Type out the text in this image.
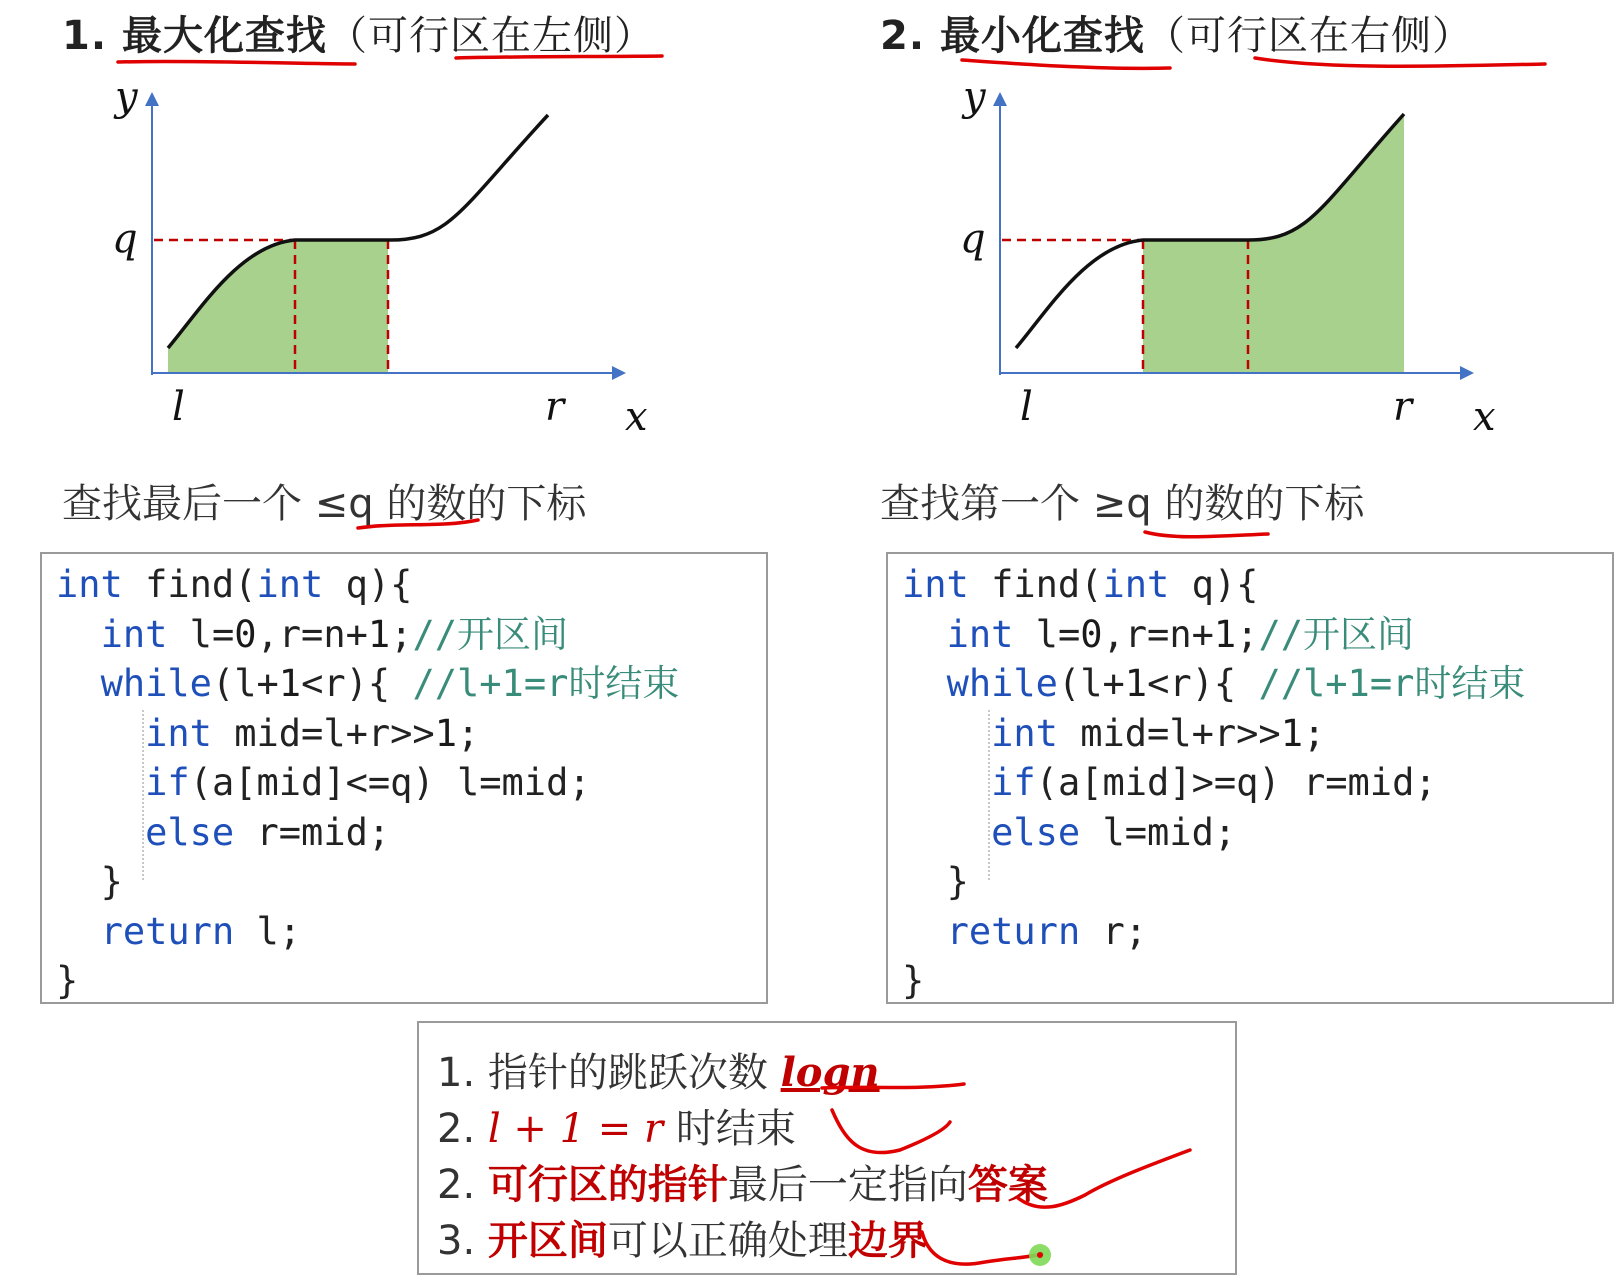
1. 最大化查找（可行区在左侧）	2. 最小化查找（可行区在右侧）
y
q
l	r x
y
q
l	r x
查找最后一个 ≤q 的数的下标	查找第一个 ≥q 的数的下标
int find(int q){
int l=0,r=n+1;//开区间
while(l+1<r){ //l+1=r时结束
int mid=l+r>>1;
if(a[mid]<=q) l=mid;
else r=mid;
}
return l;
}
int find(int q){
int l=0,r=n+1;//开区间
while(l+1<r){ //l+1=r时结束
int mid=l+r>>1;
if(a[mid]>=q) r=mid;
else l=mid;
}
return r;
}
1. 指针的跳跃次数 logn
2. l + 1 = r 时结束
2. 可行区的指针最后一定指向答案
3. 开区间可以正确处理边界
